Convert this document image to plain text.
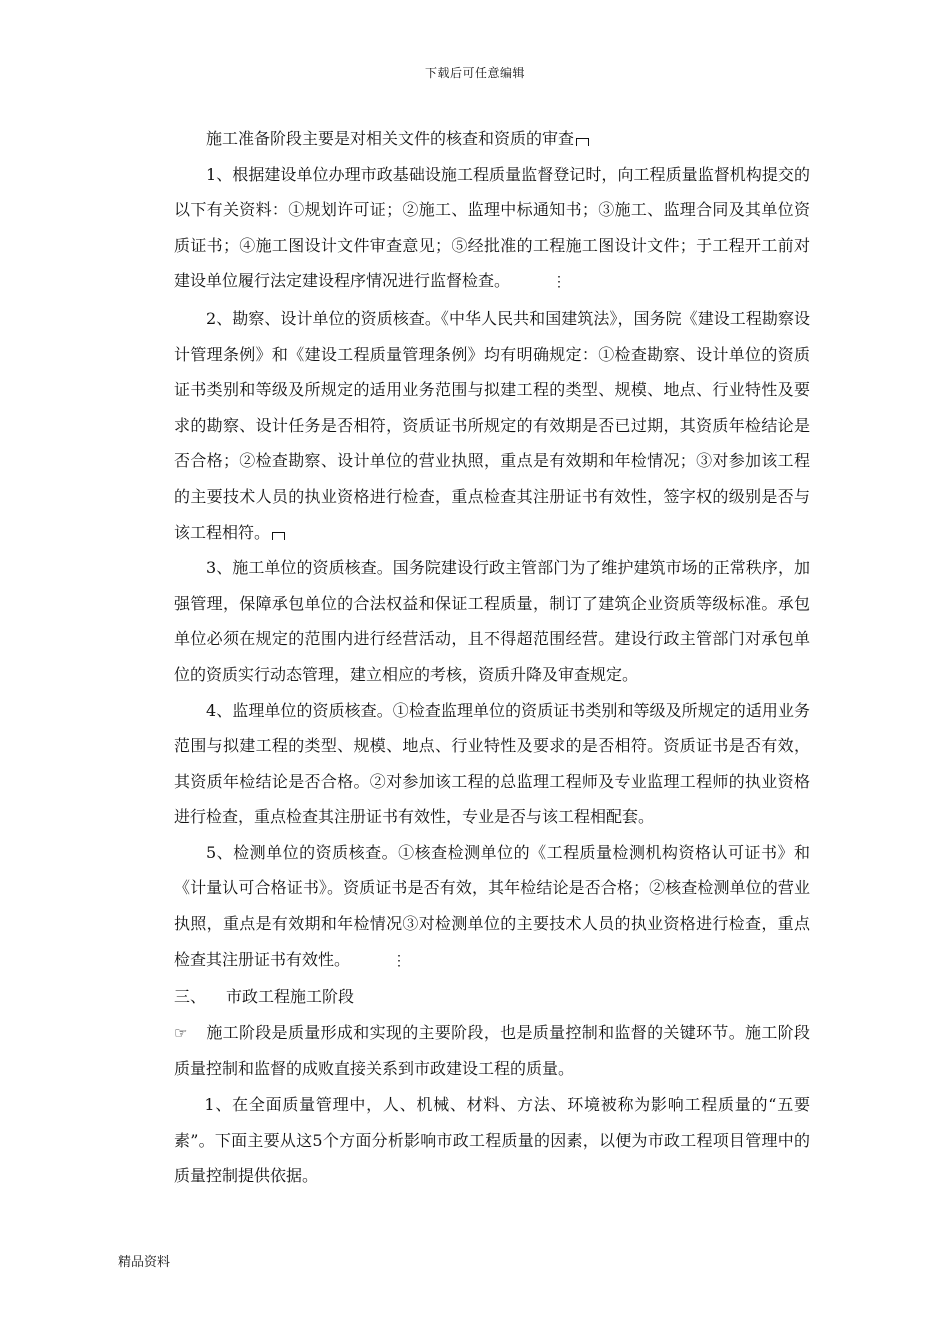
下载后可任意编辑

施工准备阶段主要是对相关文件的核查和资质的审查

1、根据建设单位办理市政基础设施工程质量监督登记时，向工程质量监督机构提交的以下有关资料：①规划许可证；②施工、监理中标通知书；③施工、监理合同及其单位资质证书；④施工图设计文件审查意见；⑤经批准的工程施工图设计文件；于工程开工前对建设单位履行法定建设程序情况进行监督检查。	⋮

2、勘察、设计单位的资质核查。《中华人民共和国建筑法》，国务院《建设工程勘察设计管理条例》和《建设工程质量管理条例》均有明确规定：①检查勘察、设计单位的资质证书类别和等级及所规定的适用业务范围与拟建工程的类型、规模、地点、行业特性及要求的勘察、设计任务是否相符，资质证书所规定的有效期是否已过期，其资质年检结论是否合格；②检查勘察、设计单位的营业执照，重点是有效期和年检情况；③对参加该工程的主要技术人员的执业资格进行检查，重点检查其注册证书有效性，签字权的级别是否与该工程相符。

3、施工单位的资质核查。国务院建设行政主管部门为了维护建筑市场的正常秩序，加强管理，保障承包单位的合法权益和保证工程质量，制订了建筑企业资质等级标准。承包单位必须在规定的范围内进行经营活动，且不得超范围经营。建设行政主管部门对承包单位的资质实行动态管理，建立相应的考核，资质升降及审查规定。

4、监理单位的资质核查。①检查监理单位的资质证书类别和等级及所规定的适用业务范围与拟建工程的类型、规模、地点、行业特性及要求的是否相符。资质证书是否有效，其资质年检结论是否合格。②对参加该工程的总监理工程师及专业监理工程师的执业资格进行检查，重点检查其注册证书有效性，专业是否与该工程相配套。

5、检测单位的资质核查。①核查检测单位的《工程质量检测机构资格认可证书》和《计量认可合格证书》。资质证书是否有效，其年检结论是否合格；②核查检测单位的营业执照，重点是有效期和年检情况③对检测单位的主要技术人员的执业资格进行检查，重点检查其注册证书有效性。	⋮

三、 市政工程施工阶段

☞ 施工阶段是质量形成和实现的主要阶段，也是质量控制和监督的关键环节。施工阶段质量控制和监督的成败直接关系到市政建设工程的质量。

1、在全面质量管理中，人、机械、材料、方法、环境被称为影响工程质量的“五要素”。下面主要从这5个方面分析影响市政工程质量的因素，以便为市政工程项目管理中的质量控制提供依据。

精品资料
